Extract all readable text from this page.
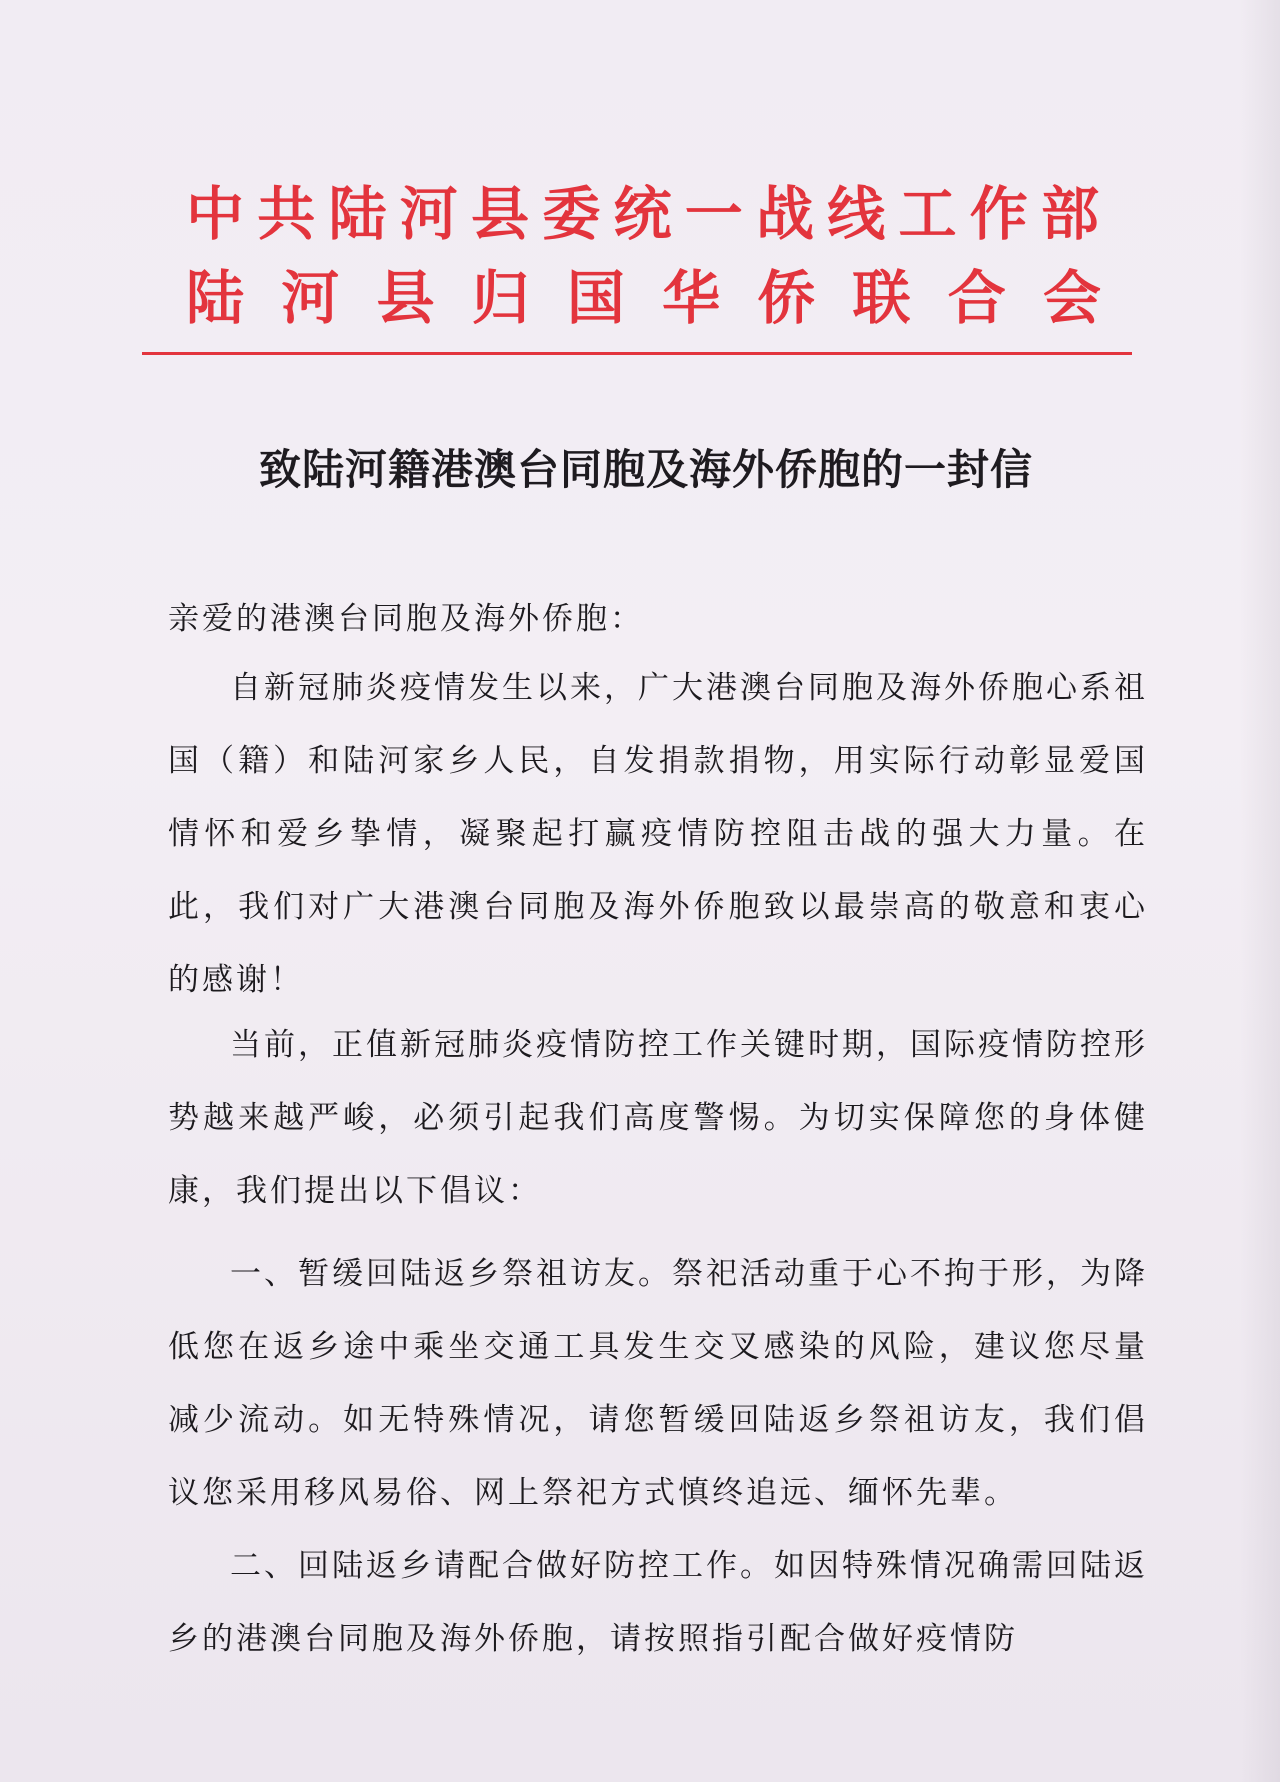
中共陆河县委统一战线工作部
陆河县归国华侨联合会
致陆河籍港澳台同胞及海外侨胞的一封信
亲爱的港澳台同胞及海外侨胞：
自新冠肺炎疫情发生以来，广大港澳台同胞及海外侨胞心系祖国（籍）和陆河家乡人民，自发捐款捐物，用实际行动彰显爱国情怀和爱乡挚情，凝聚起打赢疫情防控阻击战的强大力量。在此，我们对广大港澳台同胞及海外侨胞致以最崇高的敬意和衷心的感谢！
当前，正值新冠肺炎疫情防控工作关键时期，国际疫情防控形势越来越严峻，必须引起我们高度警惕。为切实保障您的身体健康，我们提出以下倡议：
一、暂缓回陆返乡祭祖访友。祭祀活动重于心不拘于形，为降低您在返乡途中乘坐交通工具发生交叉感染的风险，建议您尽量减少流动。如无特殊情况，请您暂缓回陆返乡祭祖访友，我们倡议您采用移风易俗、网上祭祀方式慎终追远、缅怀先辈。
二、回陆返乡请配合做好防控工作。如因特殊情况确需回陆返乡的港澳台同胞及海外侨胞，请按照指引配合做好疫情防
